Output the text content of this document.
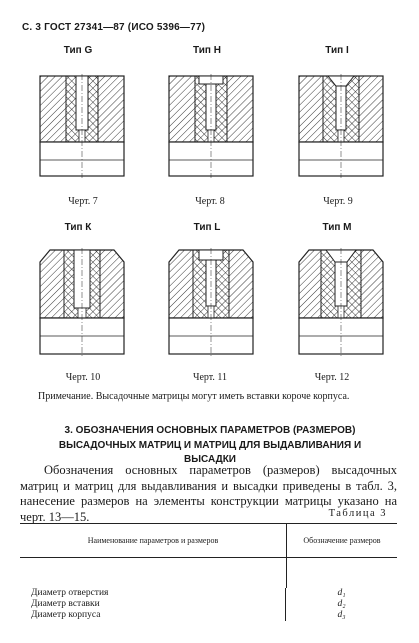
С. 3 ГОСТ 27341—87 (ИСО 5396—77)
Тип G	Тип H	Тип I
Черт. 7	Черт. 8	Черт. 9
Тип К	Тип L	Тип М
Черт. 10	Черт. 11	Черт. 12
Примечание. Высадочные матрицы могут иметь вставки короче корпуса.
3. ОБОЗНАЧЕНИЯ ОСНОВНЫХ ПАРАМЕТРОВ (РАЗМЕРОВ) ВЫСАДОЧНЫХ МАТРИЦ И МАТРИЦ ДЛЯ ВЫДАВЛИВАНИЯ И ВЫСАДКИ
Обозначения основных параметров (размеров) высадочных матриц и матриц для выдавливания и высадки приведены в табл. 3, нанесение размеров на элементы конструкции матрицы указано на черт. 13—15.	Таблица 3
Наименование параметров и размеров	Обозначение размеров
Диаметр отверстия	d₁
Диаметр вставки	d₂
Диаметр корпуса	d₃
